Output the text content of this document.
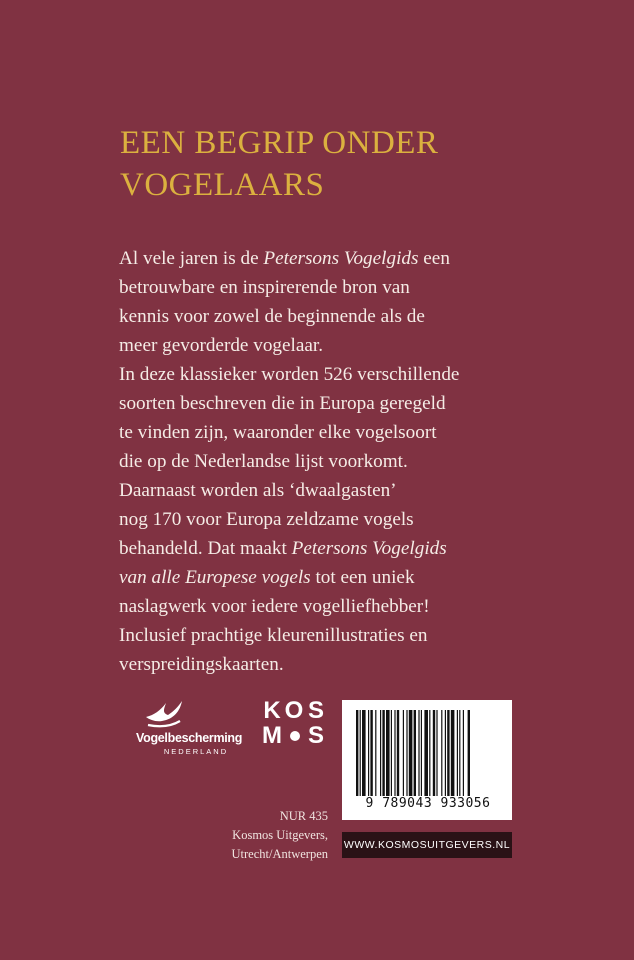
EEN BEGRIP ONDER
VOGELAARS
Al vele jaren is de Petersons Vogelgids een
betrouwbare en inspirerende bron van
kennis voor zowel de beginnende als de
meer gevorderde vogelaar.
In deze klassieker worden 526 verschillende
soorten beschreven die in Europa geregeld
te vinden zijn, waaronder elke vogelsoort
die op de Nederlandse lijst voorkomt.
Daarnaast worden als ‘dwaalgasten’
nog 170 voor Europa zeldzame vogels
behandeld. Dat maakt Petersons Vogelgids
van alle Europese vogels tot een uniek
naslagwerk voor iedere vogelliefhebber!
Inclusief prachtige kleurenillustraties en
verspreidingskaarten.
Vogelbescherming
NEDERLAND
K O S
M S
9 789043 933056
WWW.KOSMOSUITGEVERS.NL
NUR 435
Kosmos Uitgevers,
Utrecht/Antwerpen
